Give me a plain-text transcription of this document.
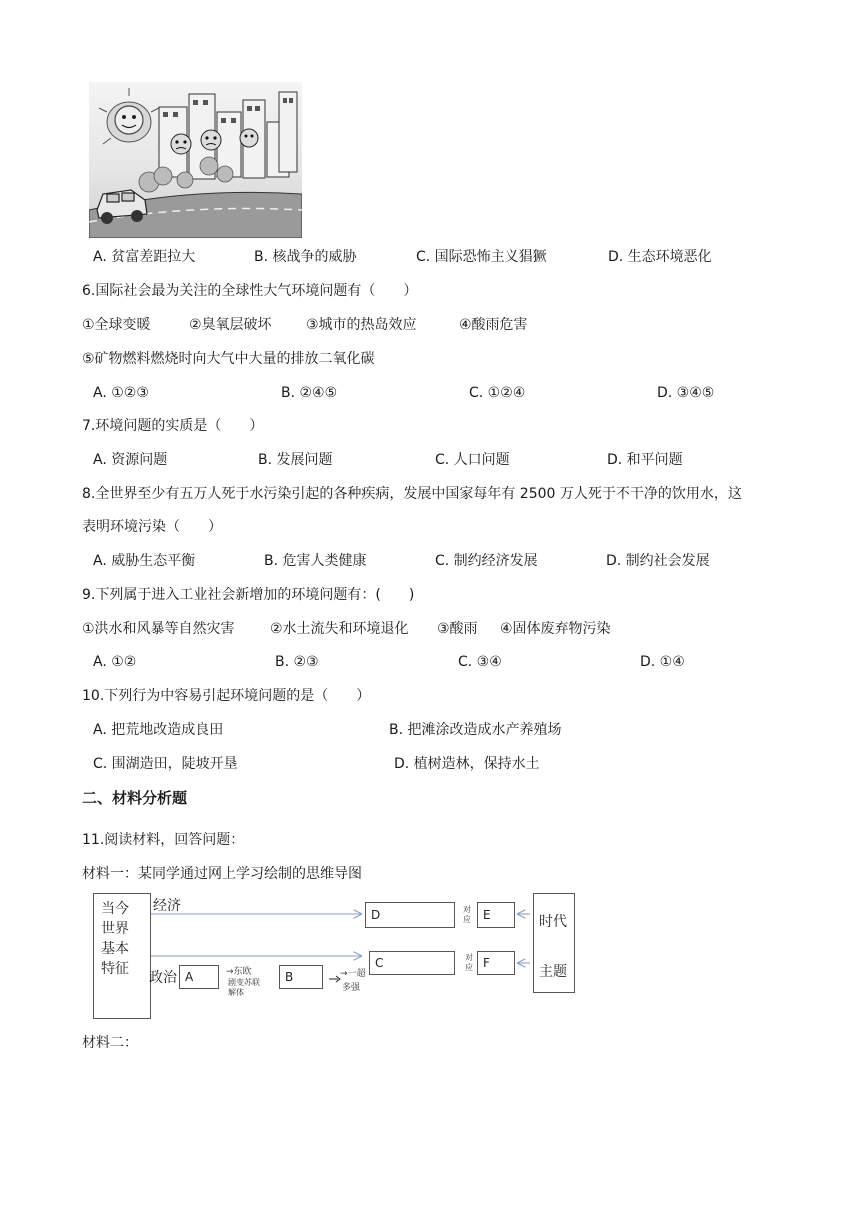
A. 贫富差距拉大	B. 核战争的威胁	C. 国际恐怖主义猖獗	D. 生态环境恶化
6.国际社会最为关注的全球性大气环境问题有（　　）
①全球变暖	②臭氧层破坏 ③城市的热岛效应	④酸雨危害
⑤矿物燃料燃烧时向大气中大量的排放二氧化碳
A. ①②③	B. ②④⑤	C. ①②④	D. ③④⑤
7.环境问题的实质是（　　）
A. 资源问题	B. 发展问题	C. 人口问题	D. 和平问题
8.全世界至少有五万人死于水污染引起的各种疾病，发展中国家每年有 2500 万人死于不干净的饮用水，这
表明环境污染（　　）
A. 威胁生态平衡	B. 危害人类健康	C. 制约经济发展	D. 制约社会发展
9.下列属于进入工业社会新增加的环境问题有：(　　)
①洪水和风暴等自然灾害	②水土流失和环境退化 ③酸雨 ④固体废弃物污染
A. ①②	B. ②③	C. ③④	D. ①④
10.下列行为中容易引起环境问题的是（　　）
A. 把荒地改造成良田	B. 把滩涂改造成水产养殖场
C. 围湖造田，陡坡开垦	D. 植树造林，保持水土
二、材料分析题
11.阅读材料，回答问题：
材料一：某同学通过网上学习绘制的思维导图
当今
世界
基本
特征
经济
政治 A	→东欧
剧变苏联
解体
B	→一超
多强
D
C
对
应
对
应
E
F
时代
主题
材料二：
